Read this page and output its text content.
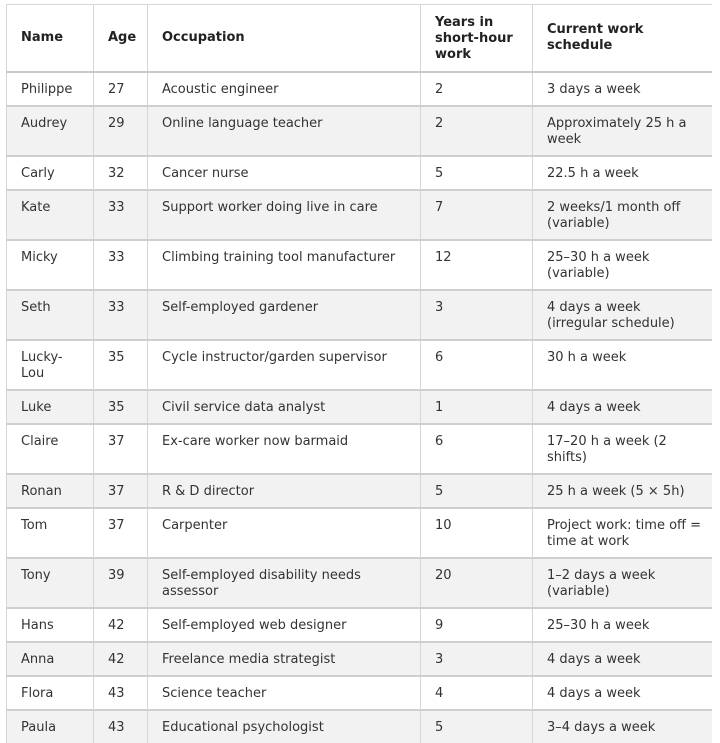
Name	Age	Occupation	Years in short-hour work	Current work schedule
Philippe	27	Acoustic engineer	2	3 days a week
Audrey	29	Online language teacher	2	Approximately 25 h a week
Carly	32	Cancer nurse	5	22.5 h a week
Kate	33	Support worker doing live in care	7	2 weeks/1 month off (variable)
Micky	33	Climbing training tool manufacturer	12	25–30 h a week (variable)
Seth	33	Self-employed gardener	3	4 days a week (irregular schedule)
Lucky-Lou	35	Cycle instructor/garden supervisor	6	30 h a week
Luke	35	Civil service data analyst	1	4 days a week
Claire	37	Ex-care worker now barmaid	6	17–20 h a week (2 shifts)
Ronan	37	R & D director	5	25 h a week (5 × 5h)
Tom	37	Carpenter	10	Project work: time off = time at work
Tony	39	Self-employed disability needs assessor	20	1–2 days a week (variable)
Hans	42	Self-employed web designer	9	25–30 h a week
Anna	42	Freelance media strategist	3	4 days a week
Flora	43	Science teacher	4	4 days a week
Paula	43	Educational psychologist	5	3–4 days a week
